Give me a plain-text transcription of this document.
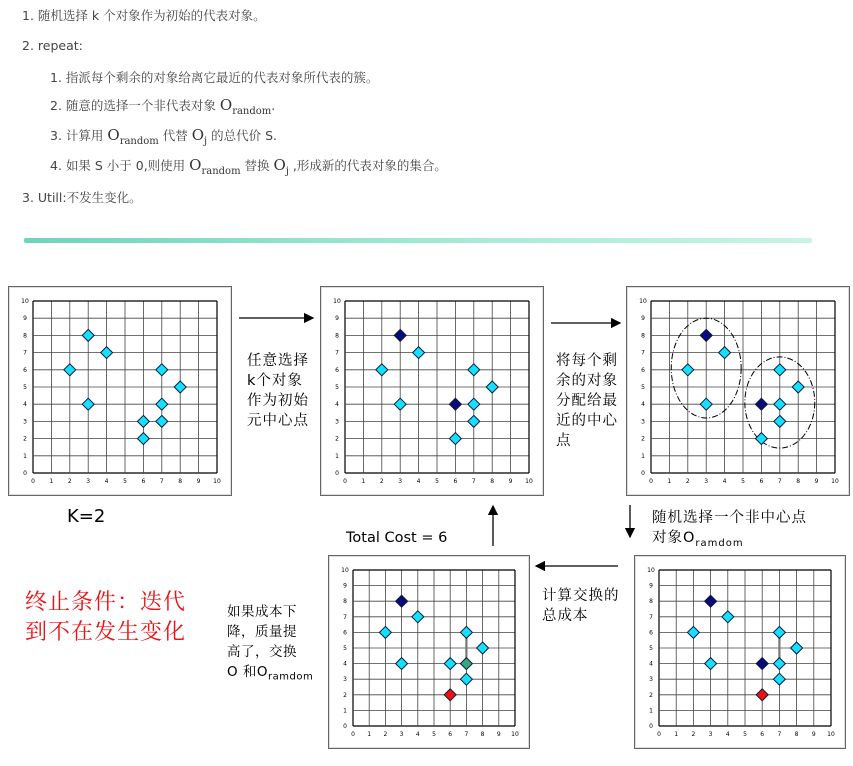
1. 随机选择 k 个对象作为初始的代表对象。
2. repeat:
1. 指派每个剩余的对象给离它最近的代表对象所代表的簇。
2. 随意的选择一个非代表对象 $O_{random}$.
3. 计算用 $O_{random}$ 代替 $O_j$ 的总代价 S.
4. 如果 S 小于 0,则使用 $O_{random}$ 替换 $O_j$ ,形成新的代表对象的集合。
3. Utill:不发生变化。
0
0
1
1
2
2
3
3
4
4
5
5
6
6
7
7
8
8
9
9
10
10
0
0
1
1
2
2
3
3
4
4
5
5
6
6
7
7
8
8
9
9
10
10
0
0
1
1
2
2
3
3
4
4
5
5
6
6
7
7
8
8
9
9
10
10
0
0
1
1
2
2
3
3
4
4
5
5
6
6
7
7
8
8
9
9
10
10
0
0
1
1
2
2
3
3
4
4
5
5
6
6
7
7
8
8
9
9
10
10
任意选择
k个对象
作为初始
元中心点
将每个剩
余的对象
分配给最
近的中心
点
随机选择一个非中心点
对象$O_{ramdom}$
计算交换的
总成本
如果成本下
降，质量提
高了，交换
O 和$O_{ramdom}$
K=2
Total Cost = 6
终止条件：迭代
到不在发生变化
